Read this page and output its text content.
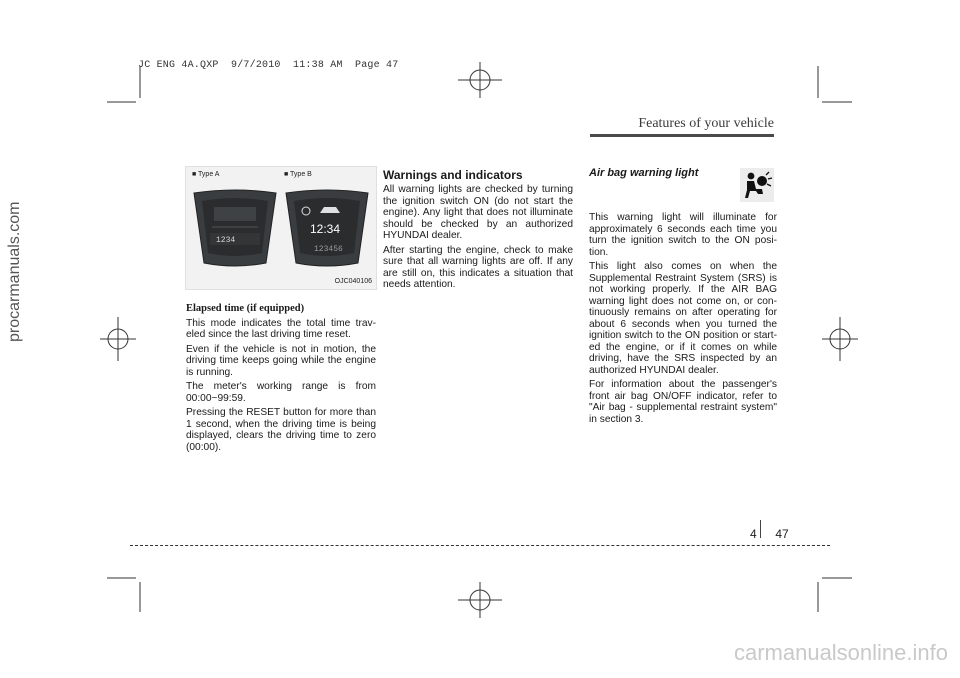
JC ENG 4A.QXP  9/7/2010  11:38 AM  Page 47
Features of your vehicle
procarmanuals.com
■ Type A	■ Type B
1234
12:34
123456
OJC040106
Elapsed time (if equipped)

This mode indicates the total time trav-eled since the last driving time reset.

Even if the vehicle is not in motion, the driving time keeps going while the engine is running.

The meter's working range is from 00:00~99:59.

Pressing the RESET button for more than 1 second, when the driving time is being displayed, clears the driving time to zero (00:00).

Warnings and indicators

All warning lights are checked by turning the ignition switch ON (do not start the engine). Any light that does not illuminate should be checked by an authorized HYUNDAI dealer.

After starting the engine, check to make sure that all warning lights are off. If any are still on, this indicates a situation that needs attention.

Air bag warning light

This warning light will illuminate for approximately 6 seconds each time you turn the ignition switch to the ON posi-tion.

This light also comes on when the Supplemental Restraint System (SRS) is not working properly. If the AIR BAG warning light does not come on, or con-tinuously remains on after operating for about 6 seconds when you turned the ignition switch to the ON position or start-ed the engine, or if it comes on while driving, have the SRS inspected by an authorized HYUNDAI dealer.

For information about the passenger's front air bag ON/OFF indicator, refer to "Air bag - supplemental restraint system" in section 3.

4 47
carmanualsonline.info
